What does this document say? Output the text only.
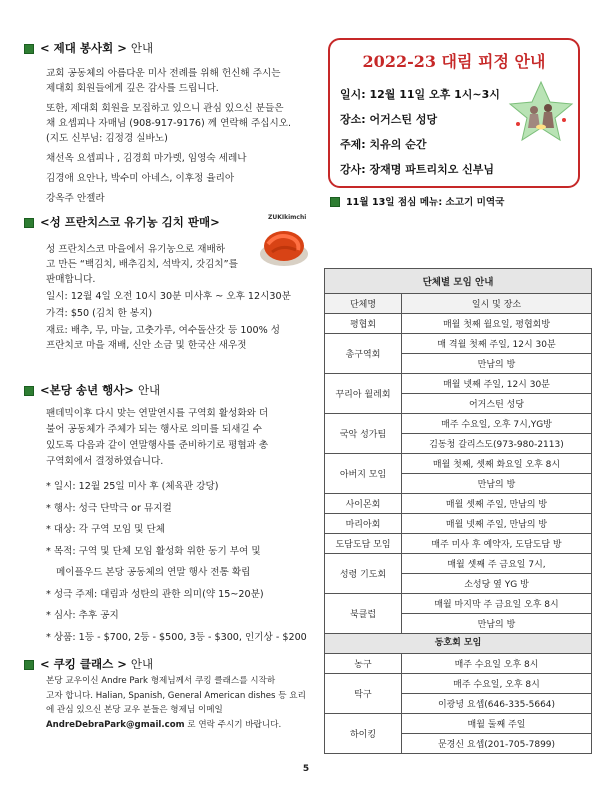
< 제대 봉사회 > 안내
교회 공동체의 아름다운 미사 전례를 위해 헌신해 주시는
제대회 회원들에게 깊은 감사를 드립니다.
또한, 제대회 회원을 모집하고 있으니 관심 있으신 분들은
채 요셉피나 자매님 (908-917-9176) 께 연락해 주십시오.
(지도 신부님: 김정경 실바노)
채선옥 요셉피나 , 김경희 마가렛, 임영숙 세레나
김경애 요안나, 박수미 아네스, 이후정 율리아
강옥주 안젤라
<성 프란치스코 유기농 김치 판매>	ZUKIkimchi
성 프란치스코 마을에서 유기농으로 재배하
고 만든 “백김치, 배추김치, 석박지, 갓김치”를
판매합니다.
일시: 12월 4일 오전 10시 30분 미사후 ~ 오후 12시30분
가격: $50 (김치 한 봉지)
재료: 배추, 무, 마늘, 고춧가루, 여수돌산갓 등 100% 성
프란치코 마을 재배, 신안 소금 및 한국산 새우젓
<본당 송년 행사> 안내
팬데믹이후 다시 맞는 연말연시를 구역회 활성화와 더
불어 공동체가 주체가 되는 행사로 의미를 되새길 수
있도록 다음과 같이 연말행사를 준비하기로 평협과 총
구역회에서 결정하였습니다.
* 일시: 12월 25일 미사 후 (체육관 강당)
* 행사: 성극 단막극 or 뮤지컬
* 대상: 각 구역 모임 및 단체
* 목적: 구역 및 단체 모임 활성화 위한 동기 부여 및
메이플우드 본당 공동체의 연말 행사 전통 확립
* 성극 주제: 대림과 성탄의 관한 의미(약 15~20분)
* 심사: 추후 공지
* 상품: 1등 - $700, 2등 - $500, 3등 - $300, 인기상 - $200
< 쿠킹 클래스 > 안내
본당 교우이신 Andre Park 형제님께서 쿠킹 클래스를 시작하
고자 합니다. Halian, Spanish, General American dishes 등 요리
에 관심 있으신 본당 교우 분들은 형제님 이메일
AndreDebraPark@gmail.com 로 연락 주시기 바랍니다.
2022-23 대림 피정 안내
일시: 12월 11일 오후 1시~3시
장소: 어거스틴 성당
주제: 치유의 순간
강사: 장재명 파트리치오 신부님
11월 13일 점심 메뉴: 소고기 미역국
단체별 모임 안내	
단체명	일시 및 장소
평협회	매월 첫째 월요일, 평협회방
총구역회	매 격월 첫째 주일, 12시 30분
	만남의 방
꾸리아 월레회	매월 넷째 주일, 12시 30분
	어거스틴 성당
국악 성가팀	매주 수요일, 오후 7시,YG방
	김동청 갈리스도(973-980-2113)
아버지 모임	매월 첫째, 셋째 화요일 오후 8시
	만남의 방
사이몬회	매월 셋째 주일, 만남의 방
마리아회	매월 넷째 주일, 만남의 방
도담도담 모임	매주 미사 후 예약자, 도담도담 방
성령 기도회	매월 셋째 주 금요일 7시,
	소성당 옆 YG 방
북클럽	매월 마지막 주 금요일 오후 8시
	만남의 방
동호회 모임	
농구	매주 수요일 오후 8시
탁구	매주 수요일, 오후 8시
	이광녕 요셉(646-335-5664)
하이킹	매월 둘째 주일
	문경신 요셉(201-705-7899)
5
